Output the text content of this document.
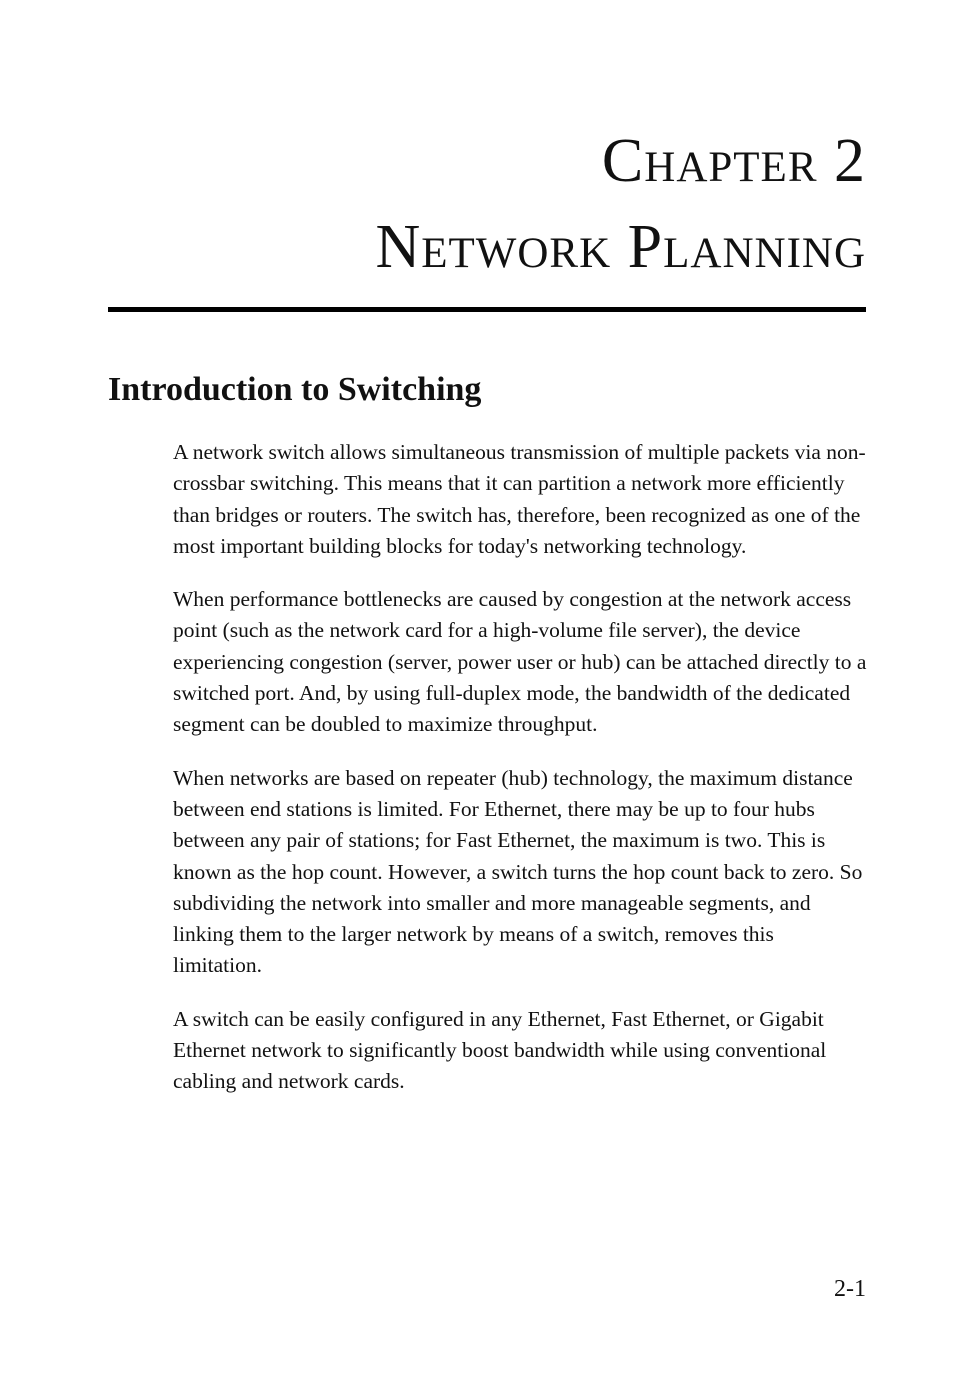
Chapter 2
Network Planning
Introduction to Switching

A network switch allows simultaneous transmission of multiple packets via non-crossbar switching. This means that it can partition a network more efficiently than bridges or routers. The switch has, therefore, been recognized as one of the most important building blocks for today's networking technology.

When performance bottlenecks are caused by congestion at the network access point (such as the network card for a high-volume file server), the device experiencing congestion (server, power user or hub) can be attached directly to a switched port. And, by using full-duplex mode, the bandwidth of the dedicated segment can be doubled to maximize throughput.

When networks are based on repeater (hub) technology, the maximum distance between end stations is limited. For Ethernet, there may be up to four hubs between any pair of stations; for Fast Ethernet, the maximum is two. This is known as the hop count. However, a switch turns the hop count back to zero. So subdividing the network into smaller and more manageable segments, and linking them to the larger network by means of a switch, removes this limitation.

A switch can be easily configured in any Ethernet, Fast Ethernet, or Gigabit Ethernet network to significantly boost bandwidth while using conventional cabling and network cards.

2-1
